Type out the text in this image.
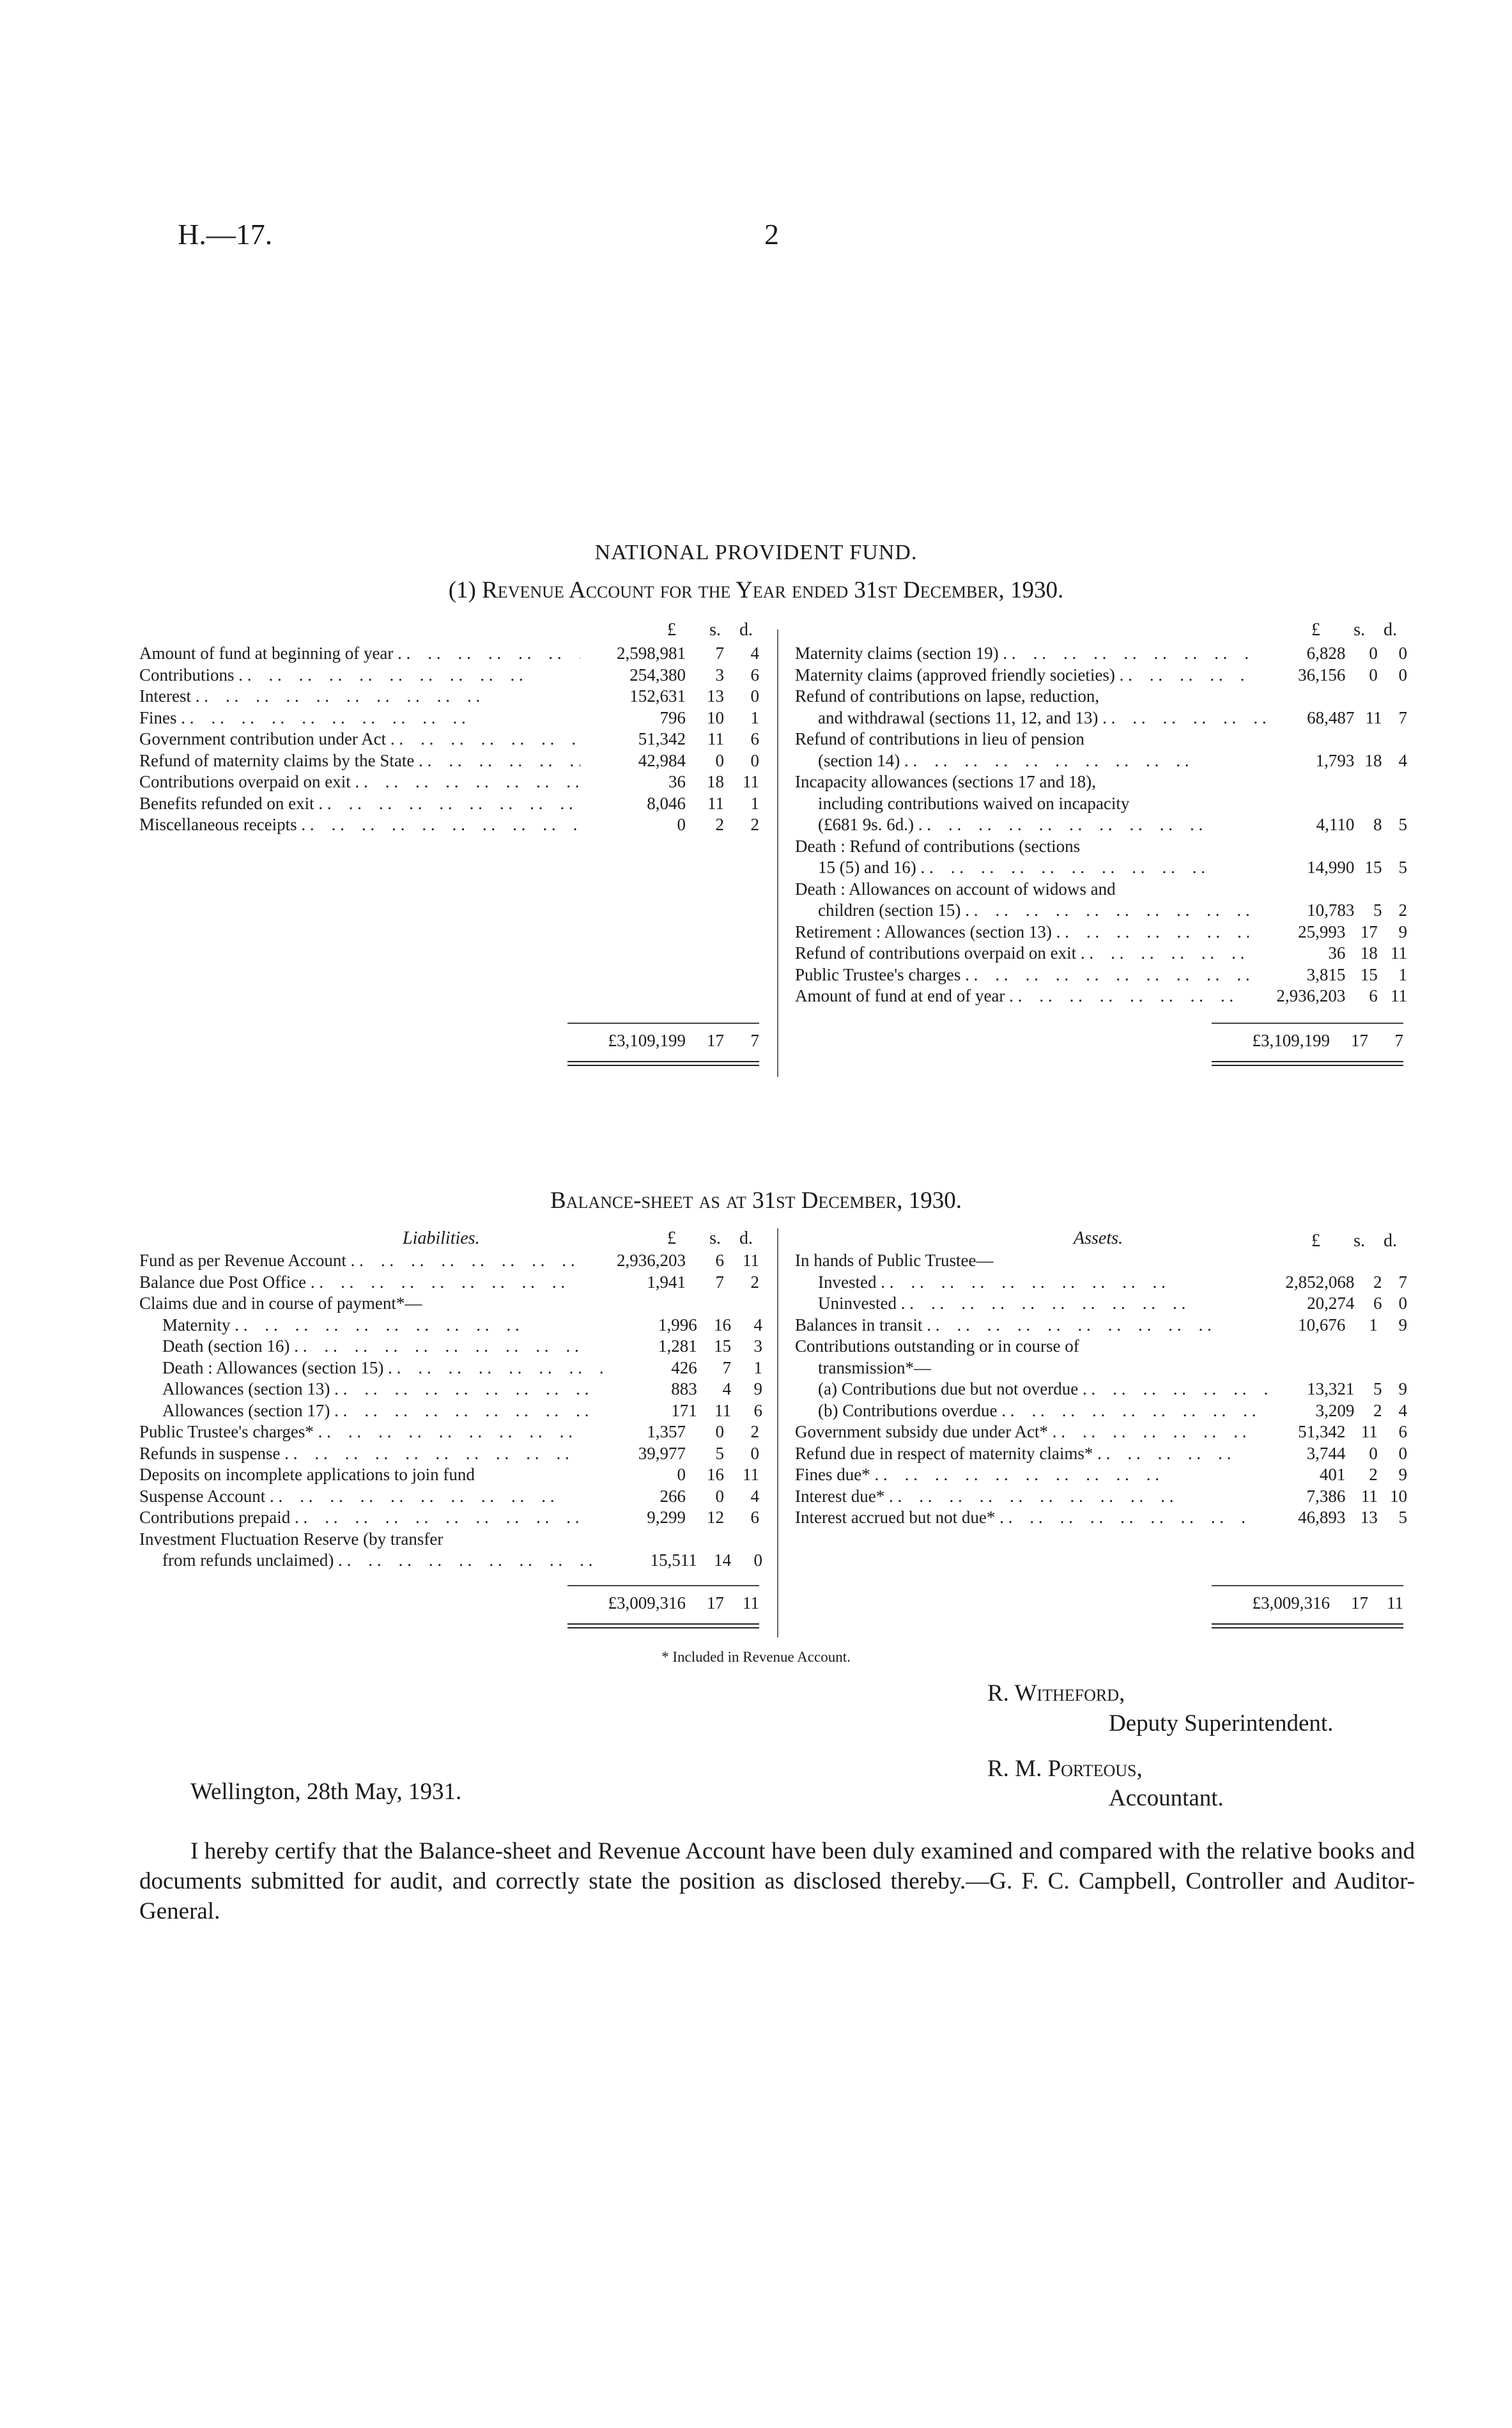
H.—17.	2
NATIONAL PROVIDENT FUND.
(1) Revenue Account for the Year ended 31st December, 1930.
£	s.	d.	£	s.	d.
Amount of fund at beginning of year . .	2,598,981	7	4
Contributions . .	254,380	3	6
Interest . .	152,631	13	0
Fines . .	796	10	1
Government contribution under Act . .	51,342	11	6
Refund of maternity claims by the State . .	42,984	0	0
Contributions overpaid on exit . .	36	18	11
Benefits refunded on exit . .	8,046	11	1
Miscellaneous receipts . .	0	2	2
Maternity claims (section 19) . .	6,828	0	0
Maternity claims (approved friendly societies) . .	36,156	0	0
Refund of contributions on lapse, reduction,
and withdrawal (sections 11, 12, and 13) . .	68,487 11 7
Refund of contributions in lieu of pension
(section 14) . .	1,793 18 4
Incapacity allowances (sections 17 and 18),
including contributions waived on incapacity
(£681 9s. 6d.) . .	4,110	8 5
Death : Refund of contributions (sections
15 (5) and 16) . .	14,990 15 5
Death : Allowances on account of widows and
children (section 15) . .	10,783	5 2
Retirement : Allowances (section 13) . .	25,993 17	9
Refund of contributions overpaid on exit . .	36 18 11
Public Trustee's charges . .	3,815 15	1
Amount of fund at end of year . .	2,936,203	6 11
£3,109,199	17	7	£3,109,199	17	7
Balance-sheet as at 31st December, 1930.
Liabilities.	Assets.
£	s.	d.	£	s.	d.
Fund as per Revenue Account . .	2,936,203	6	11
Balance due Post Office . .	1,941	7	2
Claims due and in course of payment*—
Maternity . .	1,996 16	4
Death (section 16) . .	1,281 15	3
Death : Allowances (section 15) . .	426	7	1
Allowances (section 13) . .	883	4	9
Allowances (section 17) . .	171	11	6
Public Trustee's charges* . .	1,357	0	2
Refunds in suspense . .	39,977	5	0
Deposits on incomplete applications to join fund	0	16	11
Suspense Account . .	266	0	4
Contributions prepaid . .	9,299	12	6
Investment Fluctuation Reserve (by transfer
from refunds unclaimed) . .	15,511 14	0
In hands of Public Trustee—
Invested . .	2,852,068	2 7
Uninvested . .	20,274	6 0
Balances in transit . .	10,676	1	9
Contributions outstanding or in course of
transmission*—
(a) Contributions due but not overdue . .	13,321	5 9
(b) Contributions overdue . .	3,209	2 4
Government subsidy due under Act* . .	51,342 11	6
Refund due in respect of maternity claims* . .	3,744	0	0
Fines due* . .	401	2	9
Interest due* . .	7,386 11 10
Interest accrued but not due* . .	46,893 13	5
£3,009,316	17	11	£3,009,316	17	11
* Included in Revenue Account.
R. Witheford,
Deputy Superintendent.
R. M. Porteous,
Accountant.
Wellington, 28th May, 1931.
I hereby certify that the Balance-sheet and Revenue Account have been duly examined and compared with the relative books and documents submitted for audit, and correctly state the position as disclosed thereby.—G. F. C. Campbell, Controller and Auditor-General.
